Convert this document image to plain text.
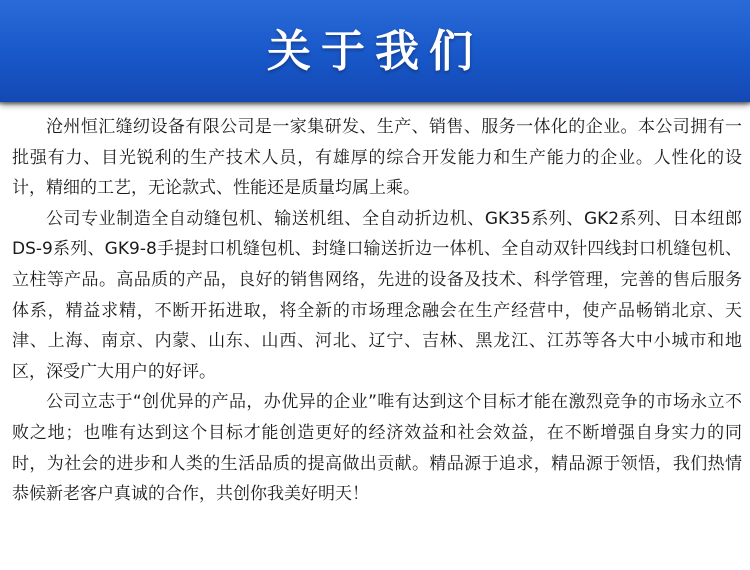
关于我们

沧州恒汇缝纫设备有限公司是一家集研发、生产、销售、服务一体化的企业。本公司拥有一批强有力、目光锐利的生产技术人员，有雄厚的综合开发能力和生产能力的企业。人性化的设计，精细的工艺，无论款式、性能还是质量均属上乘。

公司专业制造全自动缝包机、输送机组、全自动折边机、GK35系列、GK2系列、日本纽郎DS-9系列、GK9-8手提封口机缝包机、封缝口输送折边一体机、全自动双针四线封口机缝包机、立柱等产品。高品质的产品，良好的销售网络，先进的设备及技术、科学管理，完善的售后服务体系，精益求精，不断开拓进取，将全新的市场理念融会在生产经营中，使产品畅销北京、天津、上海、南京、内蒙、山东、山西、河北、辽宁、吉林、黑龙江、江苏等各大中小城市和地区，深受广大用户的好评。

公司立志于“创优异的产品，办优异的企业”唯有达到这个目标才能在激烈竞争的市场永立不败之地；也唯有达到这个目标才能创造更好的经济效益和社会效益，在不断增强自身实力的同时，为社会的进步和人类的生活品质的提高做出贡献。精品源于追求，精品源于领悟，我们热情恭候新老客户真诚的合作，共创你我美好明天！
